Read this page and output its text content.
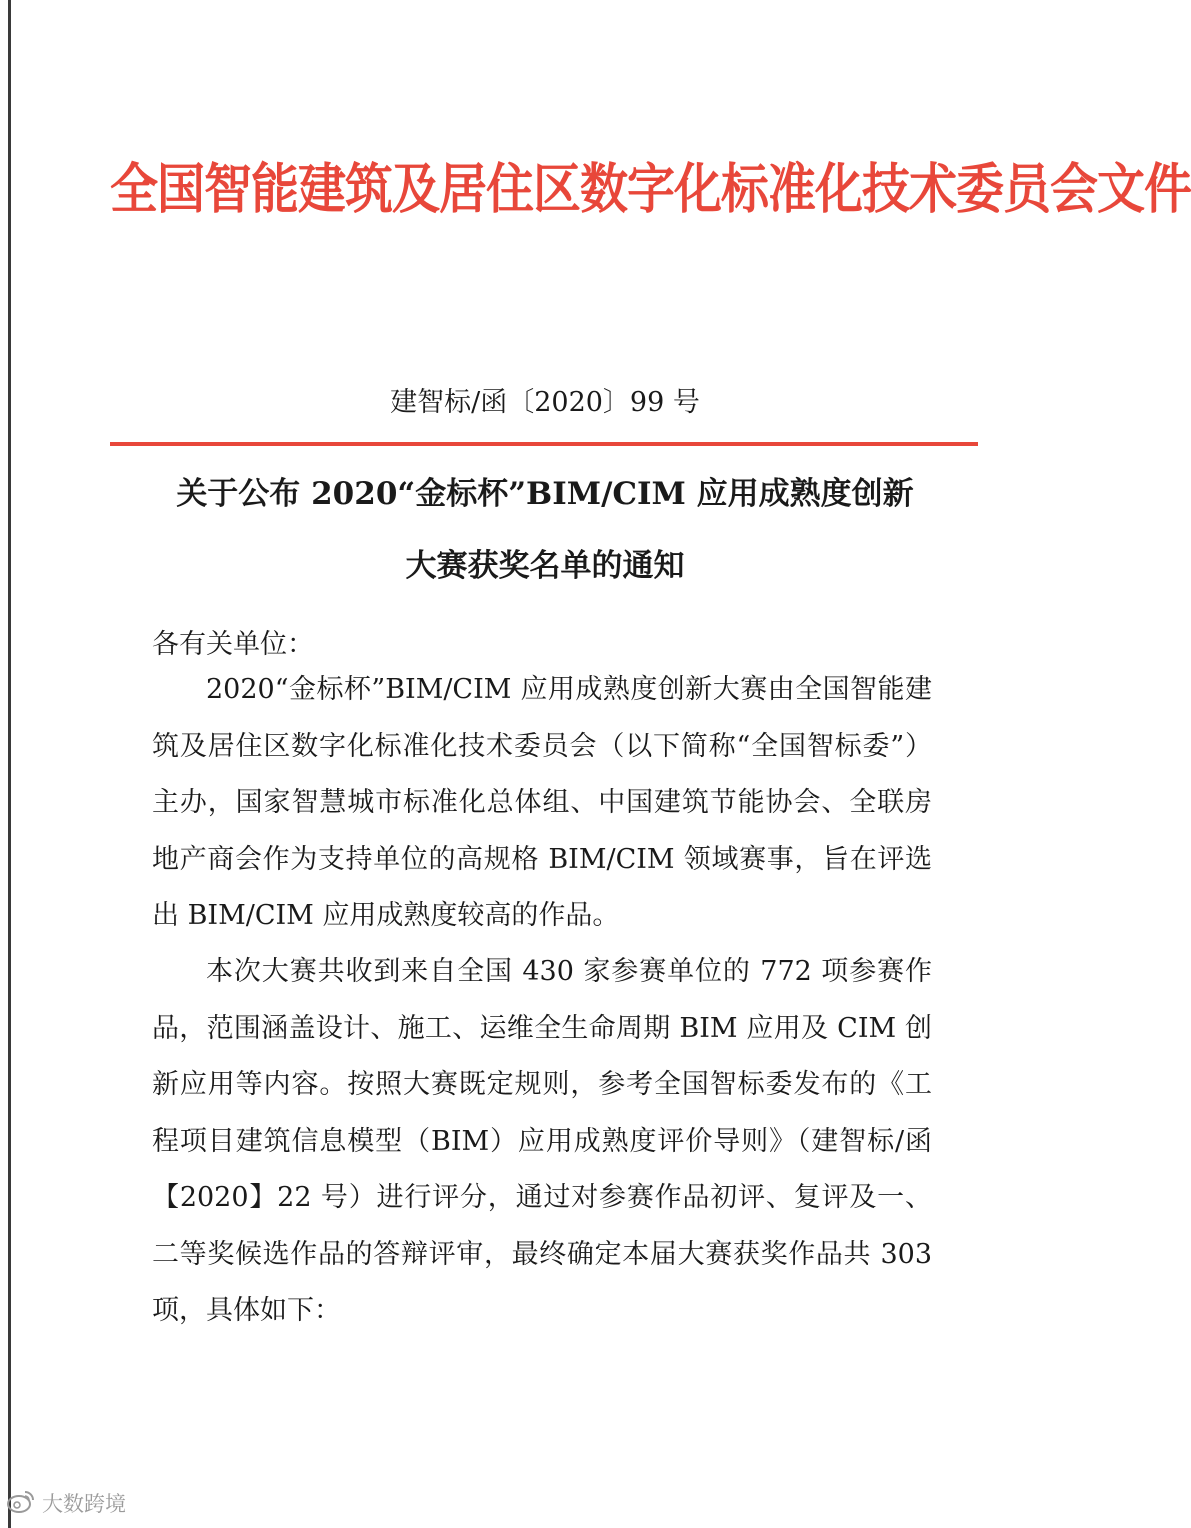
全国智能建筑及居住区数字化标准化技术委员会文件
建智标/函〔2020〕99 号
关于公布 2020“金标杯”BIM/CIM 应用成熟度创新
大赛获奖名单的通知
各有关单位：

2020“金标杯”BIM/CIM 应用成熟度创新大赛由全国智能建筑及居住区数字化标准化技术委员会（以下简称“全国智标委”）主办，国家智慧城市标准化总体组、中国建筑节能协会、全联房地产商会作为支持单位的高规格 BIM/CIM 领域赛事，旨在评选出 BIM/CIM 应用成熟度较高的作品。

本次大赛共收到来自全国 430 家参赛单位的 772 项参赛作品，范围涵盖设计、施工、运维全生命周期 BIM 应用及 CIM 创新应用等内容。按照大赛既定规则，参考全国智标委发布的《工程项目建筑信息模型（BIM）应用成熟度评价导则》（建智标/函【2020】22 号）进行评分，通过对参赛作品初评、复评及一、二等奖候选作品的答辩评审，最终确定本届大赛获奖作品共 303 项，具体如下：

大数跨境
